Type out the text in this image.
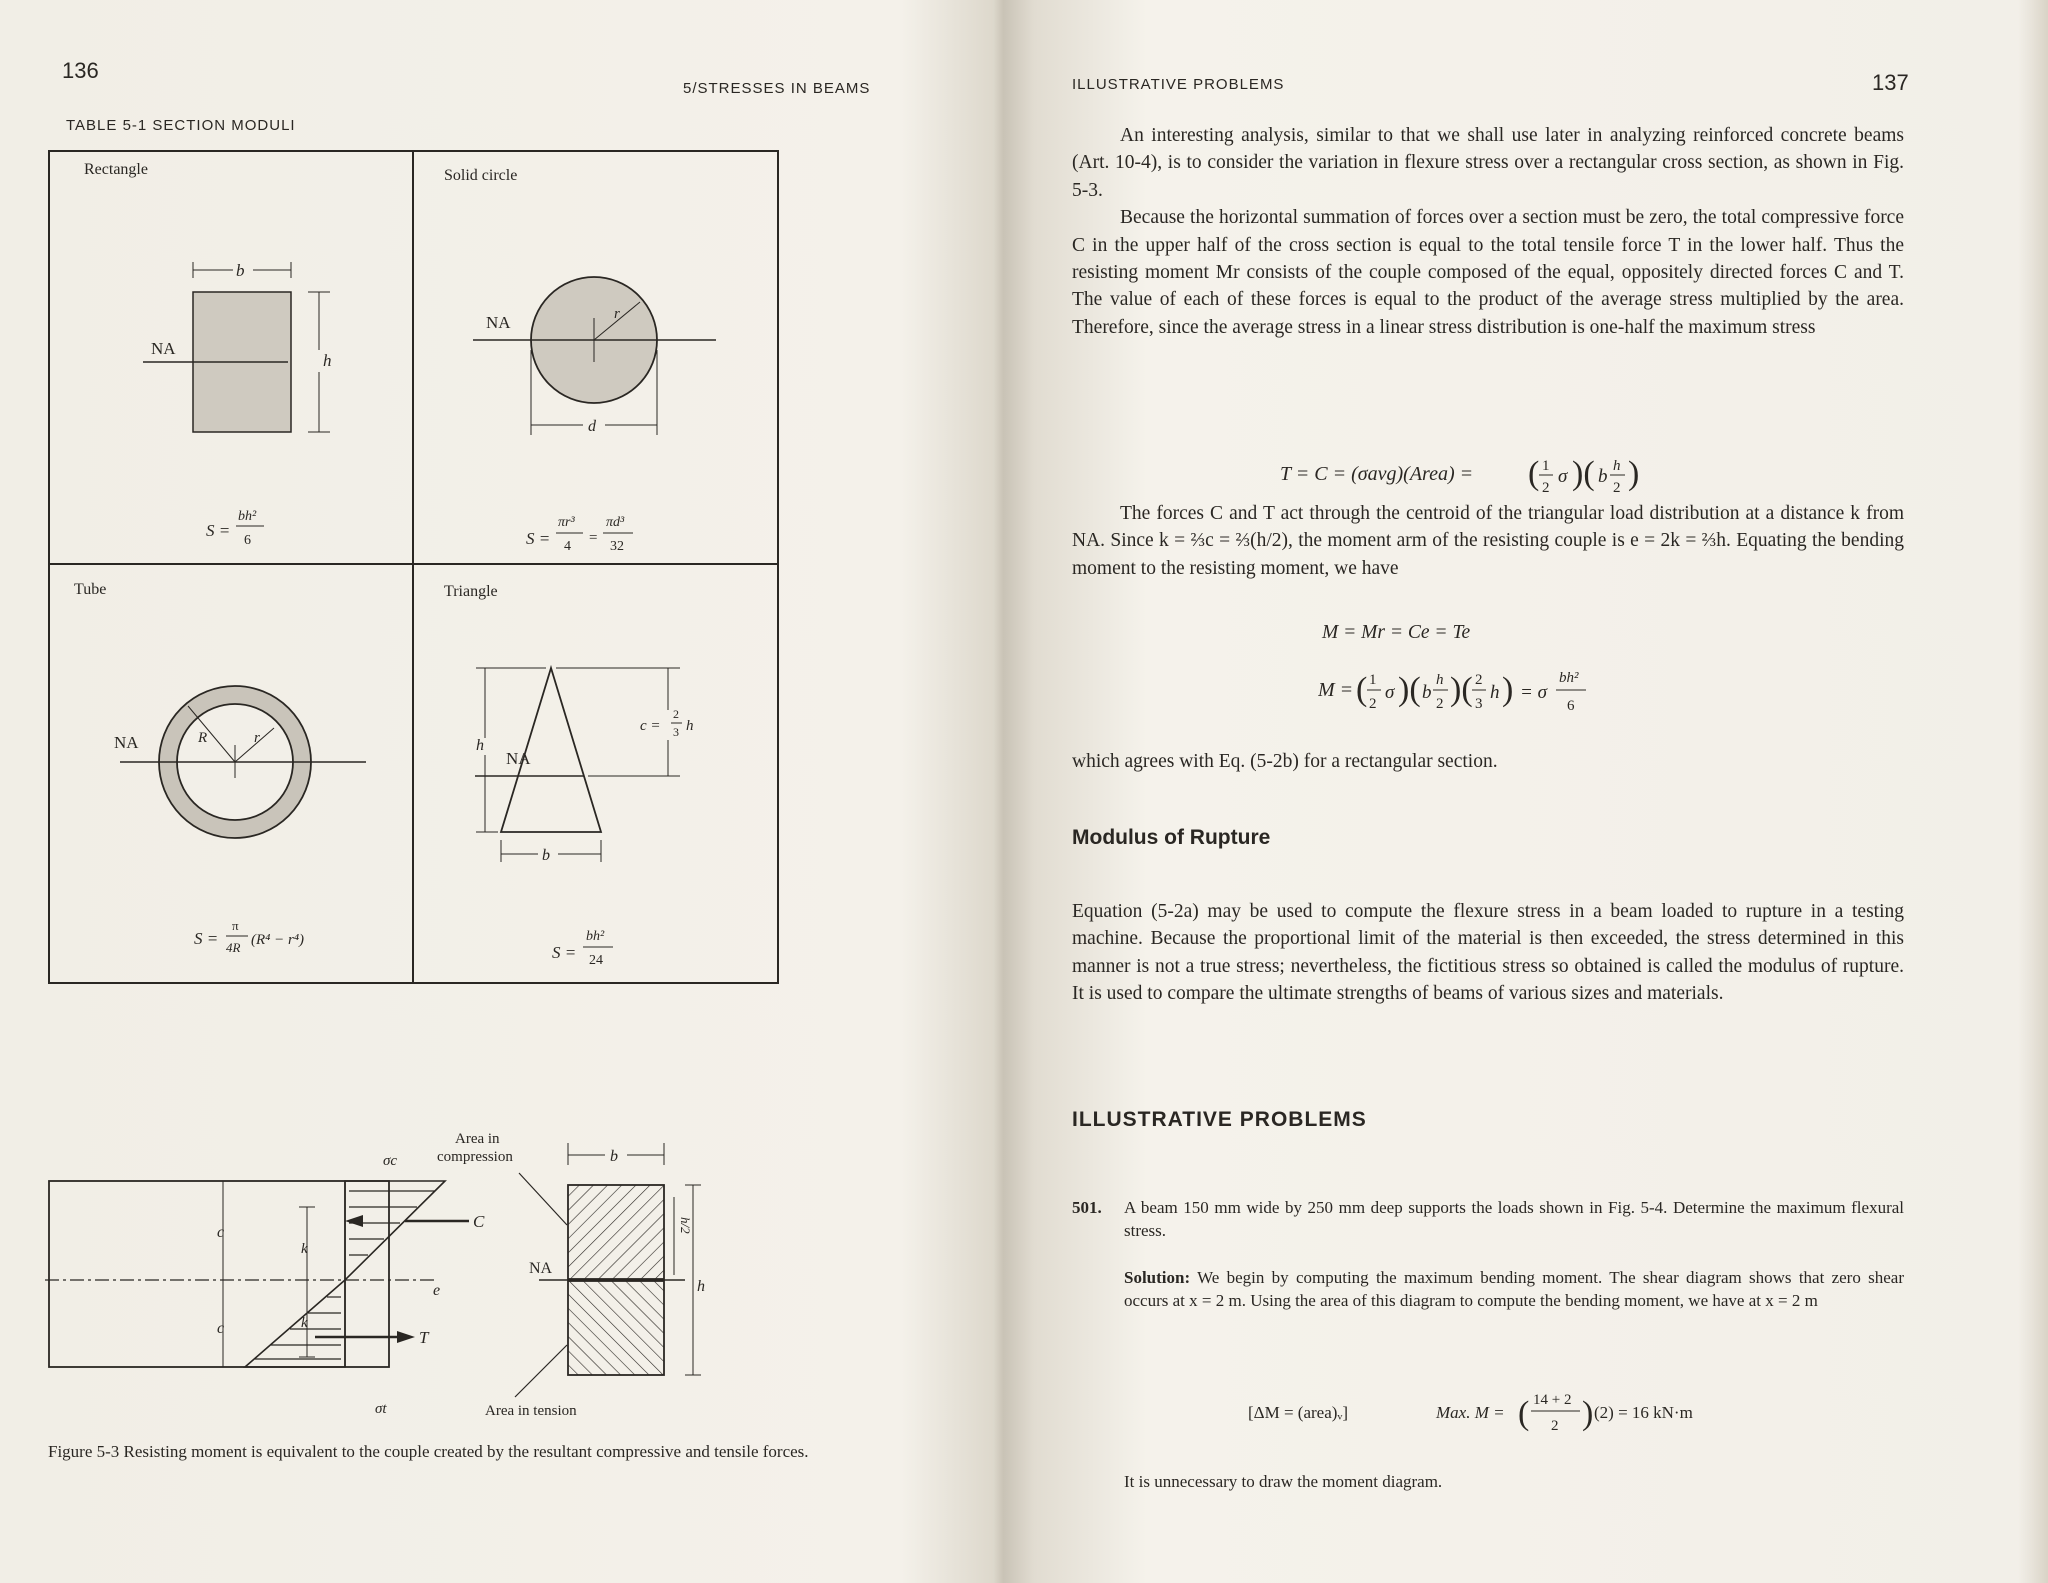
136
5/STRESSES IN BEAMS
TABLE 5-1 SECTION MODULI
Rectangle
b
h
NA
S =
bh²
6
Solid circle
r
d
NA
S =
πr³
4
=
πd³
32
Tube
R	r
NA
S =
π
4R (R⁴ − r⁴)
Triangle
h
c =
2
3 h
b
NA
S =
bh²
24
c
c
k
k
e
C
T
σc
σt
b
h
h/2
NA
Area in
compression
Area in tension
Figure 5-3 Resisting moment is equivalent to the couple created by the resultant compressive and tensile forces.
ILLUSTRATIVE PROBLEMS	137

An interesting analysis, similar to that we shall use later in analyzing reinforced concrete beams (Art. 10-4), is to consider the variation in flexure stress over a rectangular cross section, as shown in Fig. 5-3.

Because the horizontal summation of forces over a section must be zero, the total compressive force C in the upper half of the cross section is equal to the total tensile force T in the lower half. Thus the resisting moment Mr consists of the couple composed of the equal, oppositely directed forces C and T. The value of each of these forces is equal to the product of the average stress multiplied by the area. Therefore, since the average stress in a linear stress distribution is one-half the maximum stress

T = C = (σavg)(Area) = ( 1
2
σ )( b h
2 )

The forces C and T act through the centroid of the triangular load distribution at a distance k from NA. Since k = ⅔c = ⅔(h/2), the moment arm of the resisting couple is e = 2k = ⅔h. Equating the bending moment to the resisting moment, we have

M = Mr = Ce = Te
M = ( 1
2
σ )( b
h
2 )( 2
3
h ) = σ
bh²
6
which agrees with Eq. (5-2b) for a rectangular section.
Modulus of Rupture

Equation (5-2a) may be used to compute the flexure stress in a beam loaded to rupture in a testing machine. Because the proportional limit of the material is then exceeded, the stress determined in this manner is not a true stress; nevertheless, the fictitious stress so obtained is called the modulus of rupture. It is used to compare the ultimate strengths of beams of various sizes and materials.

ILLUSTRATIVE PROBLEMS
501.	A beam 150 mm wide by 250 mm deep supports the loads shown in Fig. 5-4. Determine the maximum flexural stress.
Solution: We begin by computing the maximum bending moment. The shear diagram shows that zero shear occurs at x = 2 m. Using the area of this diagram to compute the bending moment, we have at x = 2 m
[ΔM = (area)ᵥ]	Max. M = ( 14 + 2
2 ) (2) = 16 kN·m
It is unnecessary to draw the moment diagram.
